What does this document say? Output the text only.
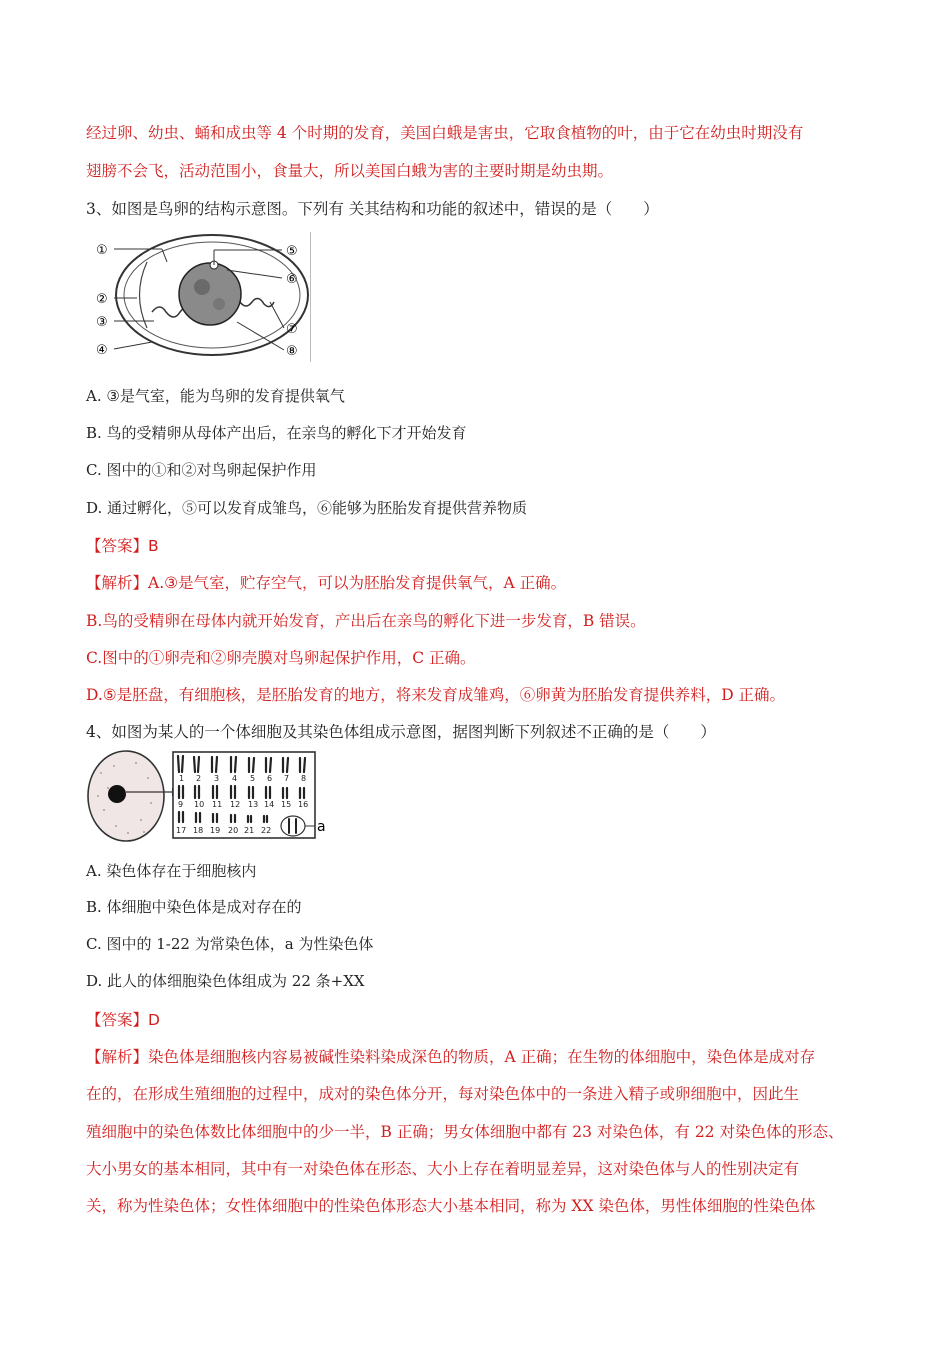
经过卵、幼虫、蛹和成虫等 4 个时期的发育，美国白蛾是害虫，它取食植物的叶，由于它在幼虫时期没有
翅膀不会飞，活动范围小，食量大，所以美国白蛾为害的主要时期是幼虫期。
3、如图是鸟卵的结构示意图。下列有 关其结构和功能的叙述中，错误的是（　　）
①
②
③
④
⑤
⑥
⑦
⑧
A. ③是气室，能为鸟卵的发育提供氧气
B. 鸟的受精卵从母体产出后，在亲鸟的孵化下才开始发育
C. 图中的①和②对鸟卵起保护作用
D. 通过孵化，⑤可以发育成雏鸟，⑥能够为胚胎发育提供营养物质
【答案】B
【解析】A.③是气室，贮存空气，可以为胚胎发育提供氧气，A 正确。
B.鸟的受精卵在母体内就开始发育，产出后在亲鸟的孵化下进一步发育，B 错误。
C.图中的①卵壳和②卵壳膜对鸟卵起保护作用，C 正确。
D.⑤是胚盘，有细胞核，是胚胎发育的地方，将来发育成雏鸡，⑥卵黄为胚胎发育提供养料，D 正确。
4、如图为某人的一个体细胞及其染色体组成示意图，据图判断下列叙述不正确的是（　　）
a
1 2 3 4 5 6 7 8
9 10 11 12 13 14 15 16
17 18 19 20 21 22
A. 染色体存在于细胞核内
B. 体细胞中染色体是成对存在的
C. 图中的 1-22 为常染色体，a 为性染色体
D. 此人的体细胞染色体组成为 22 条+XX
【答案】D
【解析】染色体是细胞核内容易被碱性染料染成深色的物质，A 正确；在生物的体细胞中，染色体是成对存
在的，在形成生殖细胞的过程中，成对的染色体分开，每对染色体中的一条进入精子或卵细胞中，因此生
殖细胞中的染色体数比体细胞中的少一半，B 正确；男女体细胞中都有 23 对染色体，有 22 对染色体的形态、
大小男女的基本相同，其中有一对染色体在形态、大小上存在着明显差异，这对染色体与人的性别决定有
关，称为性染色体；女性体细胞中的性染色体形态大小基本相同，称为 XX 染色体，男性体细胞的性染色体
